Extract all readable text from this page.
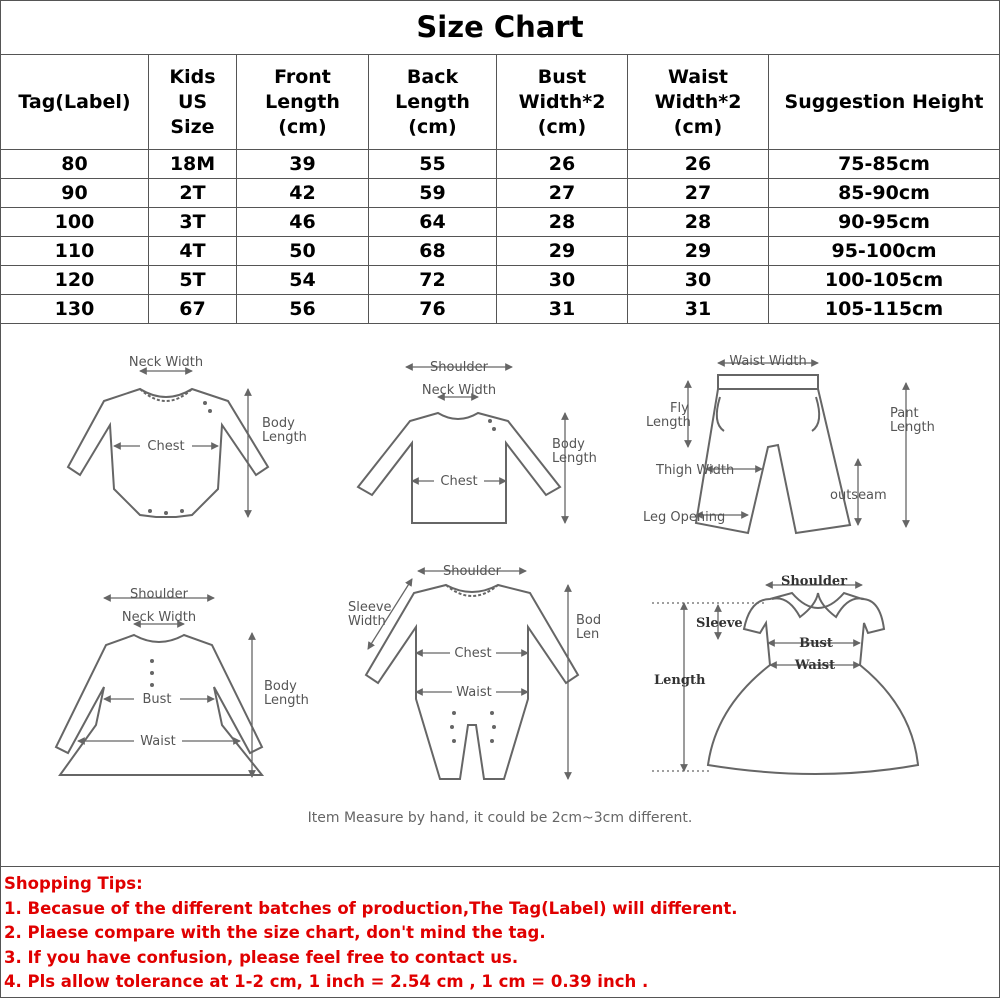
Size Chart
Tag(Label)	Kids
US
Size	Front
Length
(cm)	Back
Length
(cm)	Bust
Width*2
(cm)	Waist
Width*2
(cm)	Suggestion Height

80	18M	39	55	26	26	75-85cm
90	2T	42	59	27	27	85-90cm
100	3T	46	64	28	28	90-95cm
110	4T	50	68	29	29	95-100cm
120	5T	54	72	30	30	100-105cm
130	67	56	76	31	31	105-115cm
Neck Width
Chest
Body
Length
Shoulder
Neck Width
Chest
Body
Length
Waist Width
Fly
Length
Pant
Length
Thigh Width
outseam
Leg Opening
Shoulder
Neck Width
Bust
Waist
Body
Length
Shoulder
Sleeve
Width
Chest
Waist
Bod
Len
Shoulder
Sleeve
Bust
Waist
Length
Item Measure by hand, it could be 2cm~3cm different.
Shopping Tips:
1. Becasue of the different batches of production,The Tag(Label) will different.
2. Plaese compare with the size chart, don't mind the tag.
3. If you have confusion, please feel free to contact us.
4. Pls allow tolerance at 1-2 cm, 1 inch = 2.54 cm , 1 cm = 0.39 inch .
